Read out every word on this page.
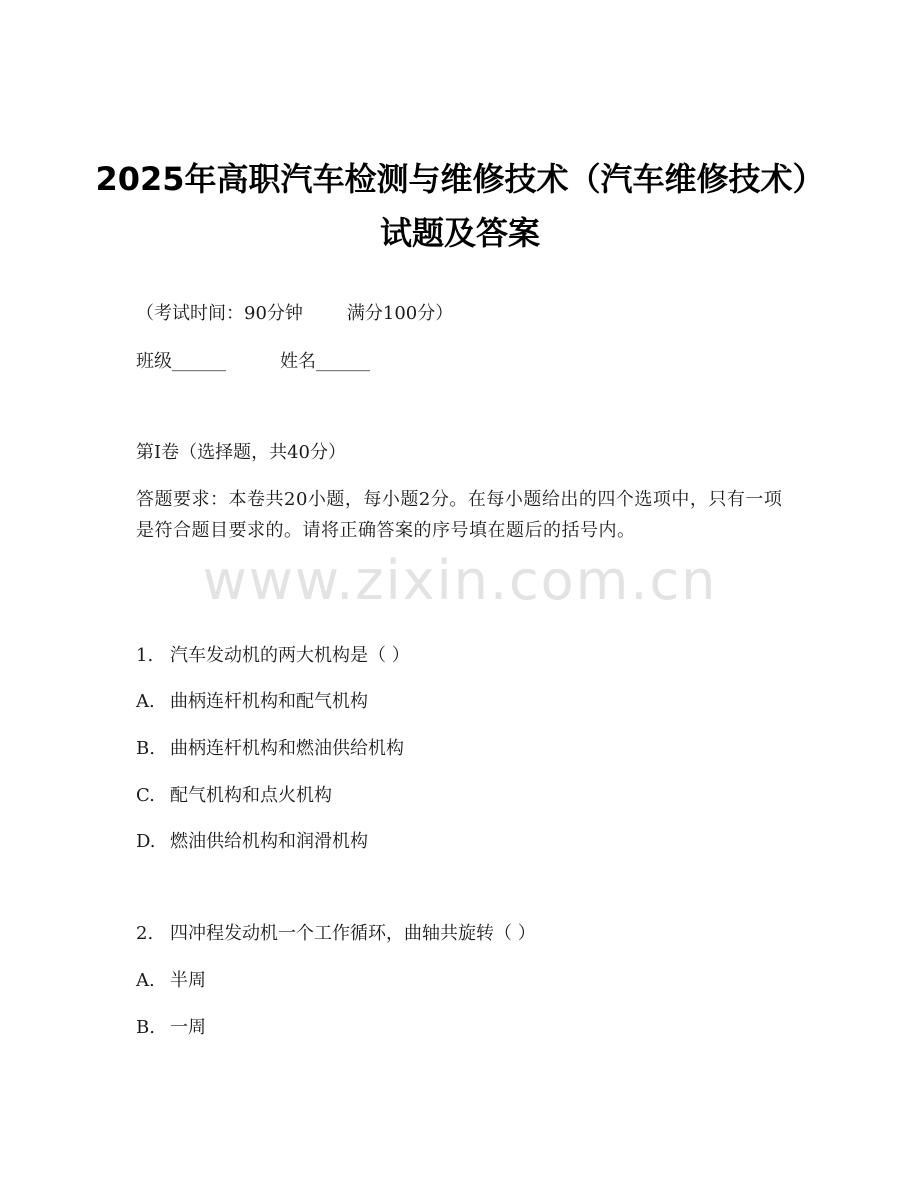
2025年高职汽车检测与维修技术（汽车维修技术）试题及答案
（考试时间：90分钟 满分100分）
班级______	姓名______
第I卷（选择题，共40分）
答题要求：本卷共20小题，每小题2分。在每小题给出的四个选项中，只有一项是符合题目要求的。请将正确答案的序号填在题后的括号内。
www.zixin.com.cn
1. 汽车发动机的两大机构是（ ）
A. 曲柄连杆机构和配气机构
B. 曲柄连杆机构和燃油供给机构
C. 配气机构和点火机构
D. 燃油供给机构和润滑机构
2. 四冲程发动机一个工作循环，曲轴共旋转（ ）
A. 半周
B. 一周
